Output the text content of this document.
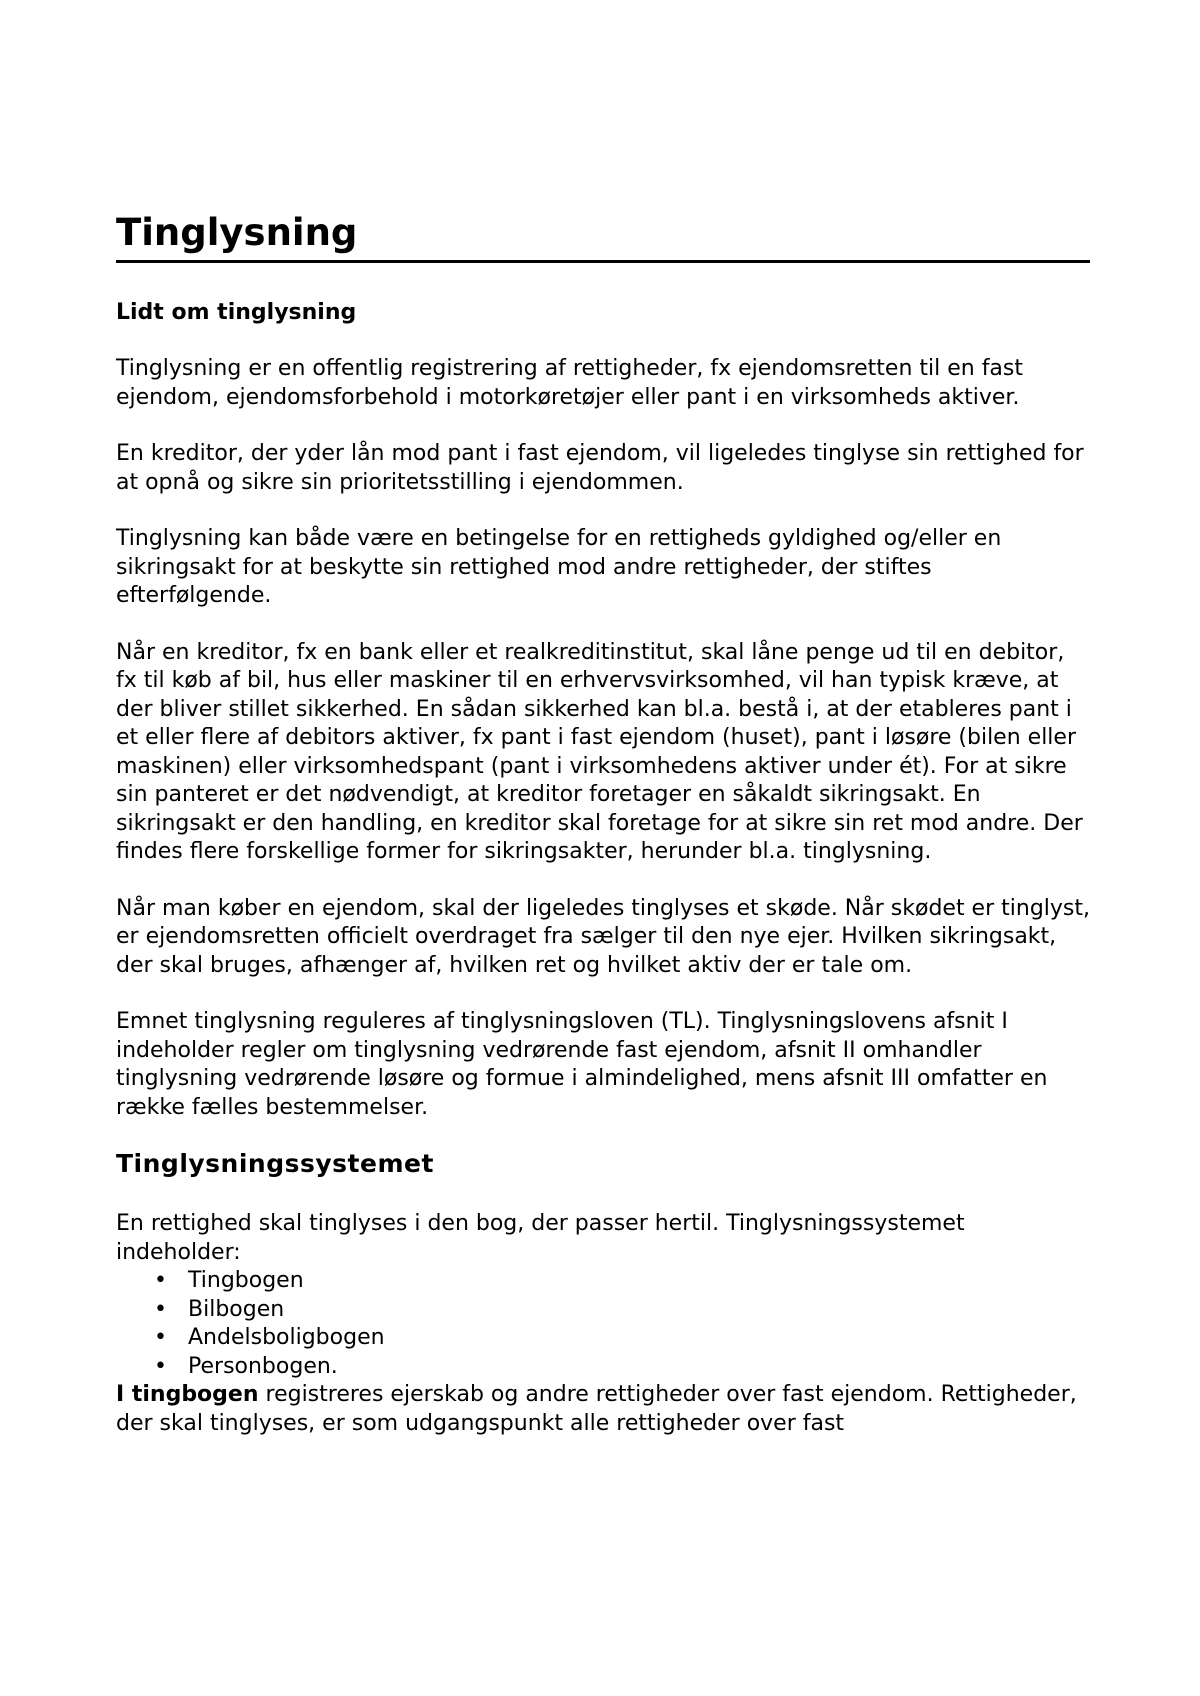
Tinglysning
Lidt om tinglysning

Tinglysning er en offentlig registrering af rettigheder, fx ejendomsretten til en fast ejendom, ejendomsforbehold i motorkøretøjer eller pant i en virksomheds aktiver.

En kreditor, der yder lån mod pant i fast ejendom, vil ligeledes tinglyse sin rettighed for at opnå og sikre sin prioritetsstilling i ejendommen.

Tinglysning kan både være en betingelse for en rettigheds gyldighed og/eller en sikringsakt for at beskytte sin rettighed mod andre rettigheder, der stiftes efterfølgende.

Når en kreditor, fx en bank eller et realkreditinstitut, skal låne penge ud til en debitor, fx til køb af bil, hus eller maskiner til en erhvervsvirksomhed, vil han typisk kræve, at der bliver stillet sikkerhed. En sådan sikkerhed kan bl.a. bestå i, at der etableres pant i et eller flere af debitors aktiver, fx pant i fast ejendom (huset), pant i løsøre (bilen eller maskinen) eller virksomhedspant (pant i virksomhedens aktiver under ét). For at sikre sin panteret er det nødvendigt, at kreditor foretager en såkaldt sikringsakt. En sikringsakt er den handling, en kreditor skal foretage for at sikre sin ret mod andre. Der findes flere forskellige former for sikringsakter, herunder bl.a. tinglysning.

Når man køber en ejendom, skal der ligeledes tinglyses et skøde. Når skødet er tinglyst, er ejendomsretten officielt overdraget fra sælger til den nye ejer. Hvilken sikringsakt, der skal bruges, afhænger af, hvilken ret og hvilket aktiv der er tale om.

Emnet tinglysning reguleres af tinglysningsloven (TL). Tinglysningslovens afsnit I indeholder regler om tinglysning vedrørende fast ejendom, afsnit II omhandler tinglysning vedrørende løsøre og formue i almindelighed, mens afsnit III omfatter en række fælles bestemmelser.

Tinglysningssystemet

En rettighed skal tinglyses i den bog, der passer hertil. Tinglysningssystemet indeholder:

• Tingbogen
• Bilbogen
• Andelsboligbogen
• Personbogen.

I tingbogen registreres ejerskab og andre rettigheder over fast ejendom. Rettigheder, der skal tinglyses, er som udgangspunkt alle rettigheder over fast
